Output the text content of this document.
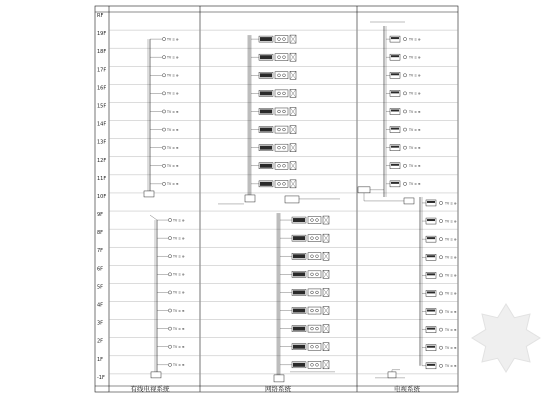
RF
19F
18F
17F
16F
15F
14F
13F
12F
11F
10F
9F
8F
7F
6F
5F
4F
3F
2F
1F
-1F
TV ≡ ⊕
TV ≡ ⊕
TV ≡ ⊕
TV ≡ ⊕
TV ≡ ⊕
TV ≡ ⊕
TV ≡ ⊕
TV ≡ ⊕
TV ≡ ⊕
TV ≡ ⊕
TV ≡ ⊕
TV ≡ ⊕
TV ≡ ⊕
TV ≡ ⊕
TV ≡ ⊕
TV ≡ ⊕
TV ≡ ⊕
TV ≡ ⊕
TV ≡ ⊕
TV ≡ ⊕
TV ≡ ⊕
TV ≡ ⊕
TV ≡ ⊕
TV ≡ ⊕
TV ≡ ⊕
TV ≡ ⊕
TV ≡ ⊕
TV ≡ ⊕
TV ≡ ⊕
TV ≡ ⊕
TV ≡ ⊕
TV ≡ ⊕
TV ≡ ⊕
TV ≡ ⊕
TV ≡ ⊕
TV ≡ ⊕
TV ≡ ⊕
有线电视系统	网络系统	电视系统
